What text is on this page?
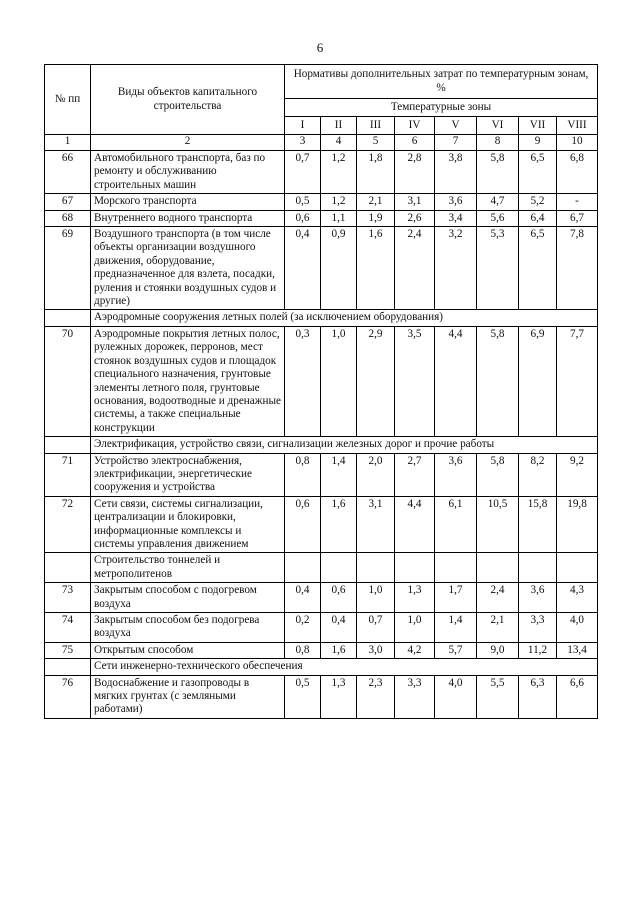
6
№ пп	Виды объектов капитального строительства	Нормативы дополнительных затрат по температурным зонам, %							
		Температурные зоны							
		I	II	III	IV	V	VI	VII	VIII
1	2	3	4	5	6	7	8	9	10
66	Автомобильного транспорта, баз по ремонту и обслуживанию строительных машин	0,7	1,2	1,8	2,8	3,8	5,8	6,5	6,8
67	Морского транспорта	0,5	1,2	2,1	3,1	3,6	4,7	5,2	-
68	Внутреннего водного транспорта	0,6	1,1	1,9	2,6	3,4	5,6	6,4	6,7
69	Воздушного транспорта (в том числе объекты организации воздушного движения, оборудование, предназначенное для взлета, посадки, руления и стоянки воздушных судов и другие)	0,4	0,9	1,6	2,4	3,2	5,3	6,5	7,8
	Аэродромные сооружения летных полей (за исключением оборудования)								
70	Аэродромные покрытия летных полос, рулежных дорожек, перронов, мест стоянок воздушных судов и площадок специального назначения, грунтовые элементы летного поля, грунтовые основания, водоотводные и дренажные системы, а также специальные конструкции	0,3	1,0	2,9	3,5	4,4	5,8	6,9	7,7
	Электрификация, устройство связи, сигнализации железных дорог и прочие работы								
71	Устройство электроснабжения, электрификации, энергетические сооружения и устройства	0,8	1,4	2,0	2,7	3,6	5,8	8,2	9,2
72	Сети связи, системы сигнализации, централизации и блокировки, информационные комплексы и системы управления движением	0,6	1,6	3,1	4,4	6,1	10,5	15,8	19,8
	Строительство тоннелей и метрополитенов								
73	Закрытым способом с подогревом воздуха	0,4	0,6	1,0	1,3	1,7	2,4	3,6	4,3
74	Закрытым способом без подогрева воздуха	0,2	0,4	0,7	1,0	1,4	2,1	3,3	4,0
75	Открытым способом	0,8	1,6	3,0	4,2	5,7	9,0	11,2	13,4
	Сети инженерно-технического обеспечения								
76	Водоснабжение и газопроводы в мягких грунтах (с земляными работами)	0,5	1,3	2,3	3,3	4,0	5,5	6,3	6,6
